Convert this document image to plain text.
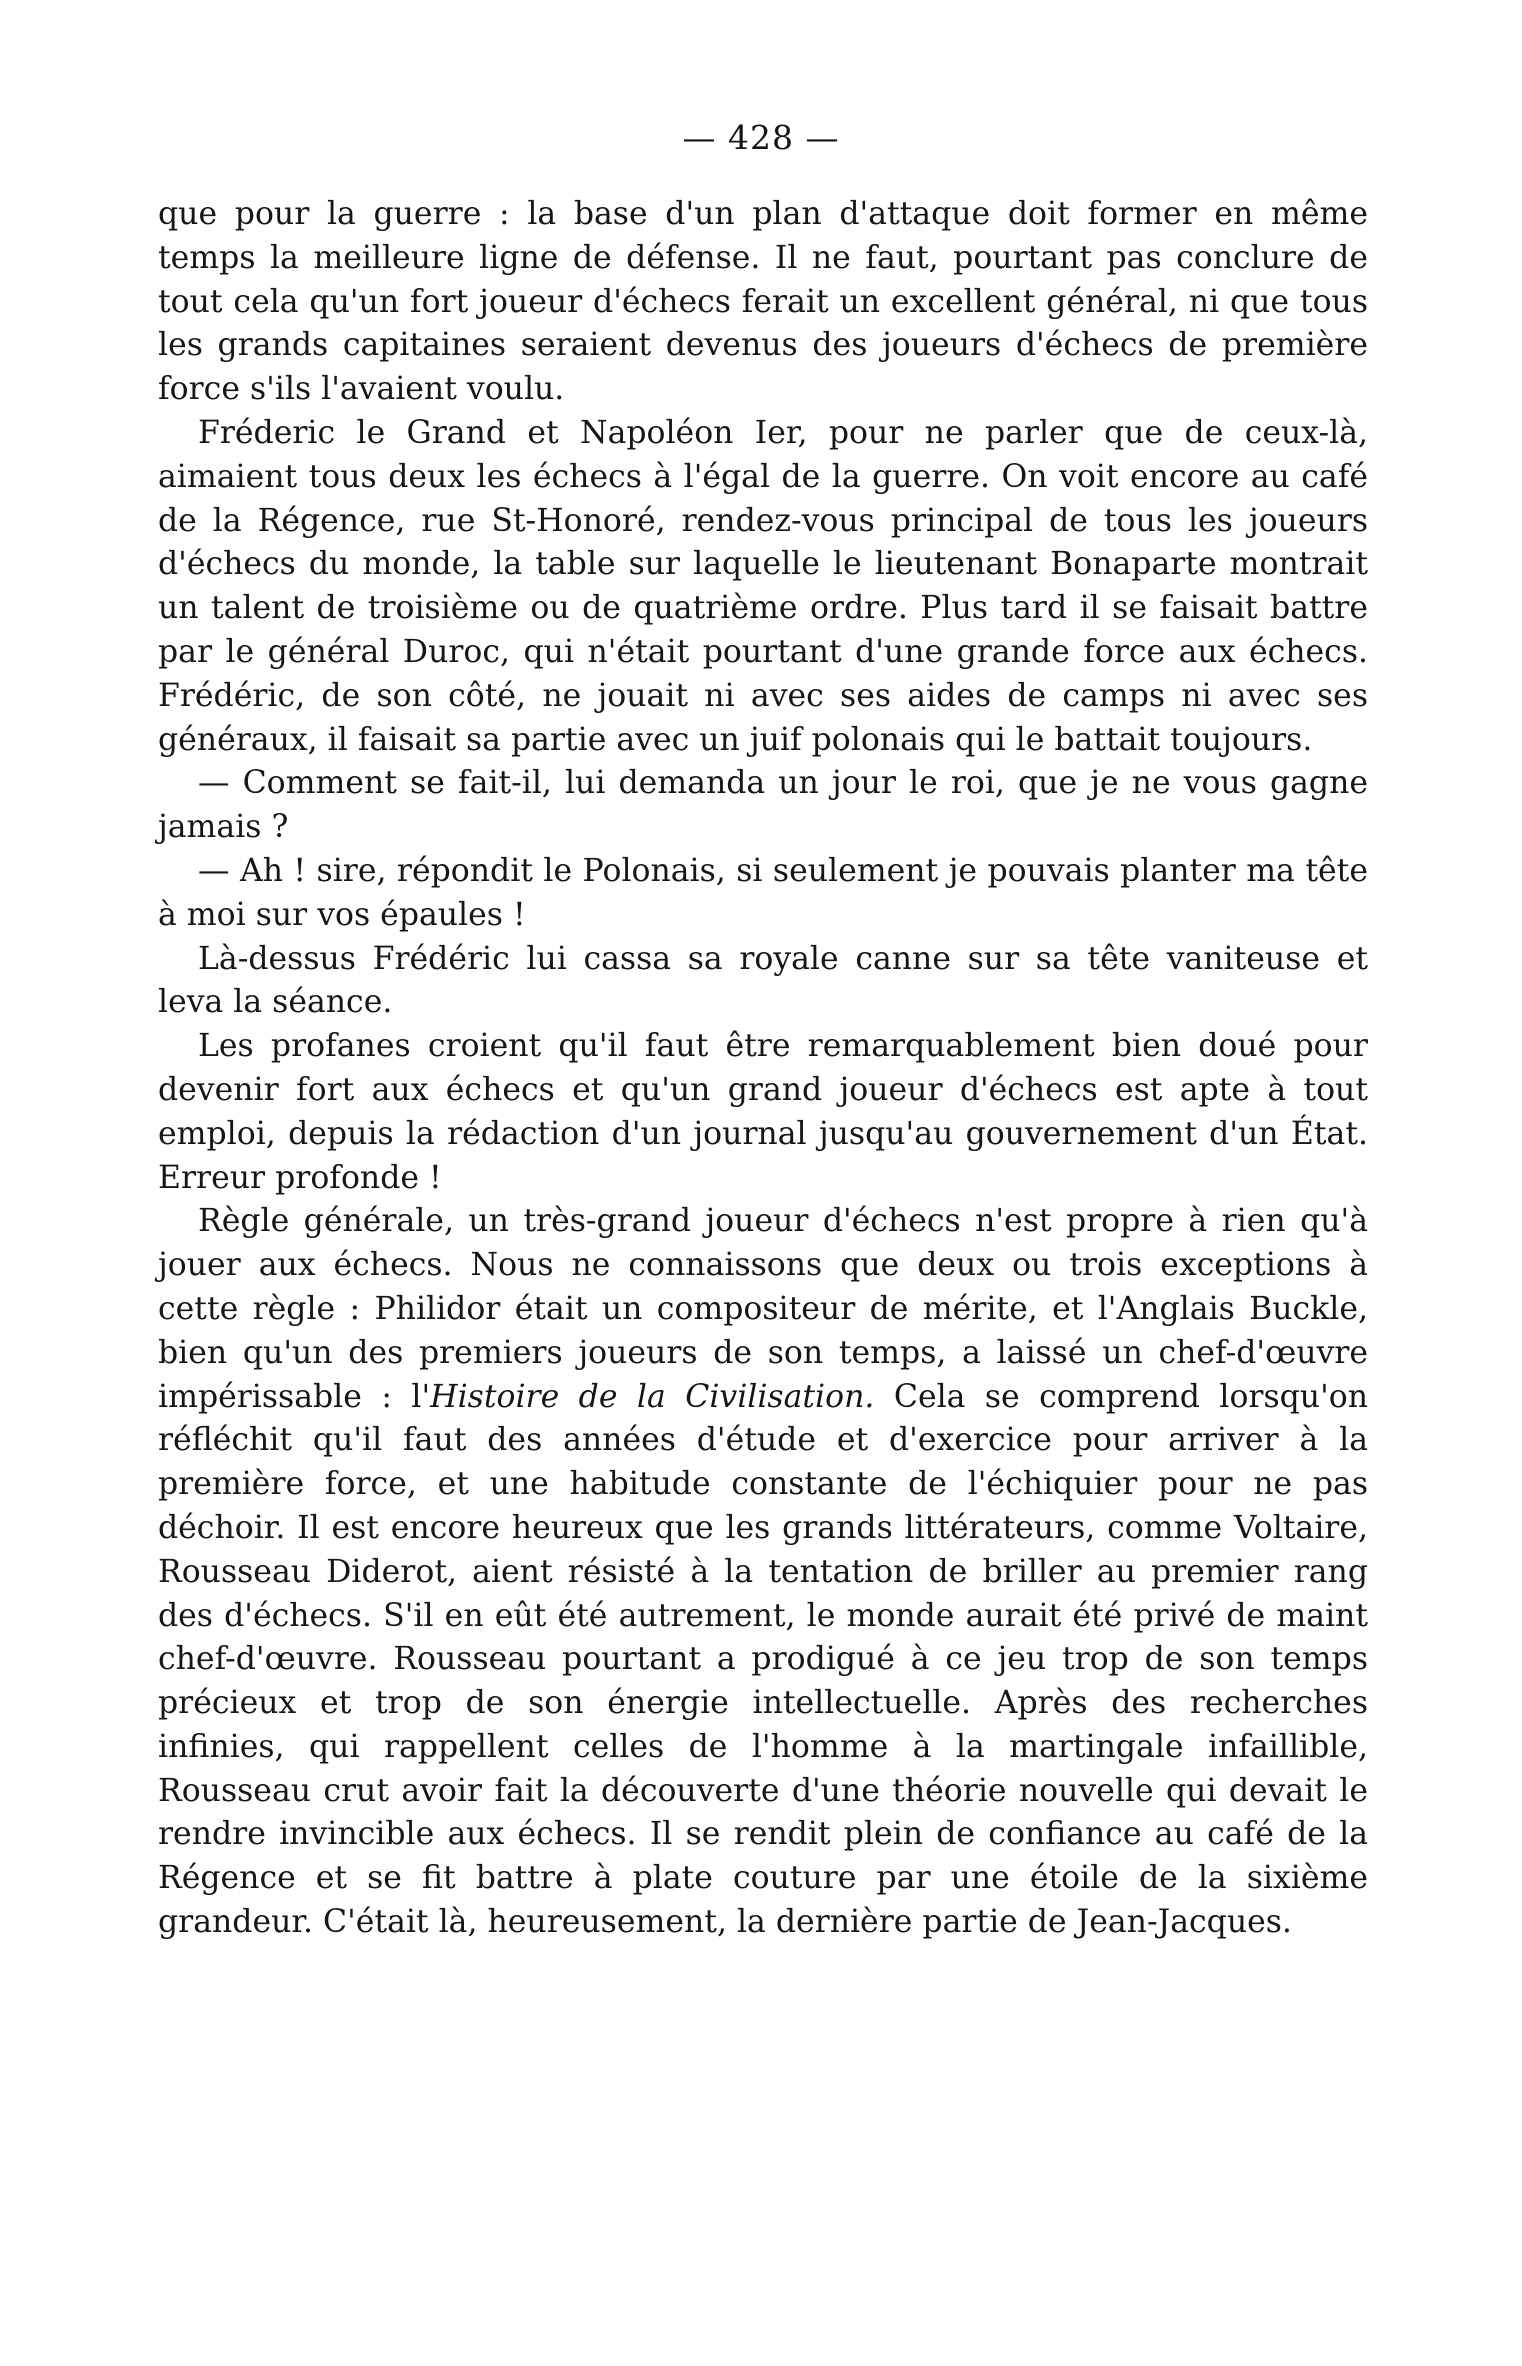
— 428 —

que pour la guerre : la base d'un plan d'attaque doit former en même temps la meilleure ligne de défense. Il ne faut, pourtant pas conclure de tout cela qu'un fort joueur d'échecs ferait un excellent général, ni que tous les grands capitaines seraient devenus des joueurs d'échecs de première force s'ils l'avaient voulu.

Fréderic le Grand et Napoléon Ier, pour ne parler que de ceux-là, aimaient tous deux les échecs à l'égal de la guerre. On voit encore au café de la Régence, rue St-Honoré, rendez-vous principal de tous les joueurs d'échecs du monde, la table sur laquelle le lieutenant Bonaparte montrait un talent de troisième ou de quatrième ordre. Plus tard il se faisait battre par le général Duroc, qui n'était pourtant d'une grande force aux échecs. Frédéric, de son côté, ne jouait ni avec ses aides de camps ni avec ses généraux, il faisait sa partie avec un juif polonais qui le battait toujours.

— Comment se fait-il, lui demanda un jour le roi, que je ne vous gagne jamais ?

— Ah ! sire, répondit le Polonais, si seulement je pouvais planter ma tête à moi sur vos épaules !

Là-dessus Frédéric lui cassa sa royale canne sur sa tête vaniteuse et leva la séance.

Les profanes croient qu'il faut être remarquablement bien doué pour devenir fort aux échecs et qu'un grand joueur d'échecs est apte à tout emploi, depuis la rédaction d'un journal jusqu'au gouvernement d'un État. Erreur profonde !

Règle générale, un très-grand joueur d'échecs n'est propre à rien qu'à jouer aux échecs. Nous ne connaissons que deux ou trois exceptions à cette règle : Philidor était un compositeur de mérite, et l'Anglais Buckle, bien qu'un des premiers joueurs de son temps, a laissé un chef-d'œuvre impérissable : l'Histoire de la Civilisation. Cela se comprend lorsqu'on réfléchit qu'il faut des années d'étude et d'exercice pour arriver à la première force, et une habitude constante de l'échiquier pour ne pas déchoir. Il est encore heureux que les grands littérateurs, comme Voltaire, Rousseau Diderot, aient résisté à la tentation de briller au premier rang des d'échecs. S'il en eût été autrement, le monde aurait été privé de maint chef-d'œuvre. Rousseau pourtant a prodigué à ce jeu trop de son temps précieux et trop de son énergie intellectuelle. Après des recherches infinies, qui rappellent celles de l'homme à la martingale infaillible, Rousseau crut avoir fait la découverte d'une théorie nouvelle qui devait le rendre invincible aux échecs. Il se rendit plein de confiance au café de la Régence et se fit battre à plate couture par une étoile de la sixième grandeur. C'était là, heureusement, la dernière partie de Jean-Jacques.
